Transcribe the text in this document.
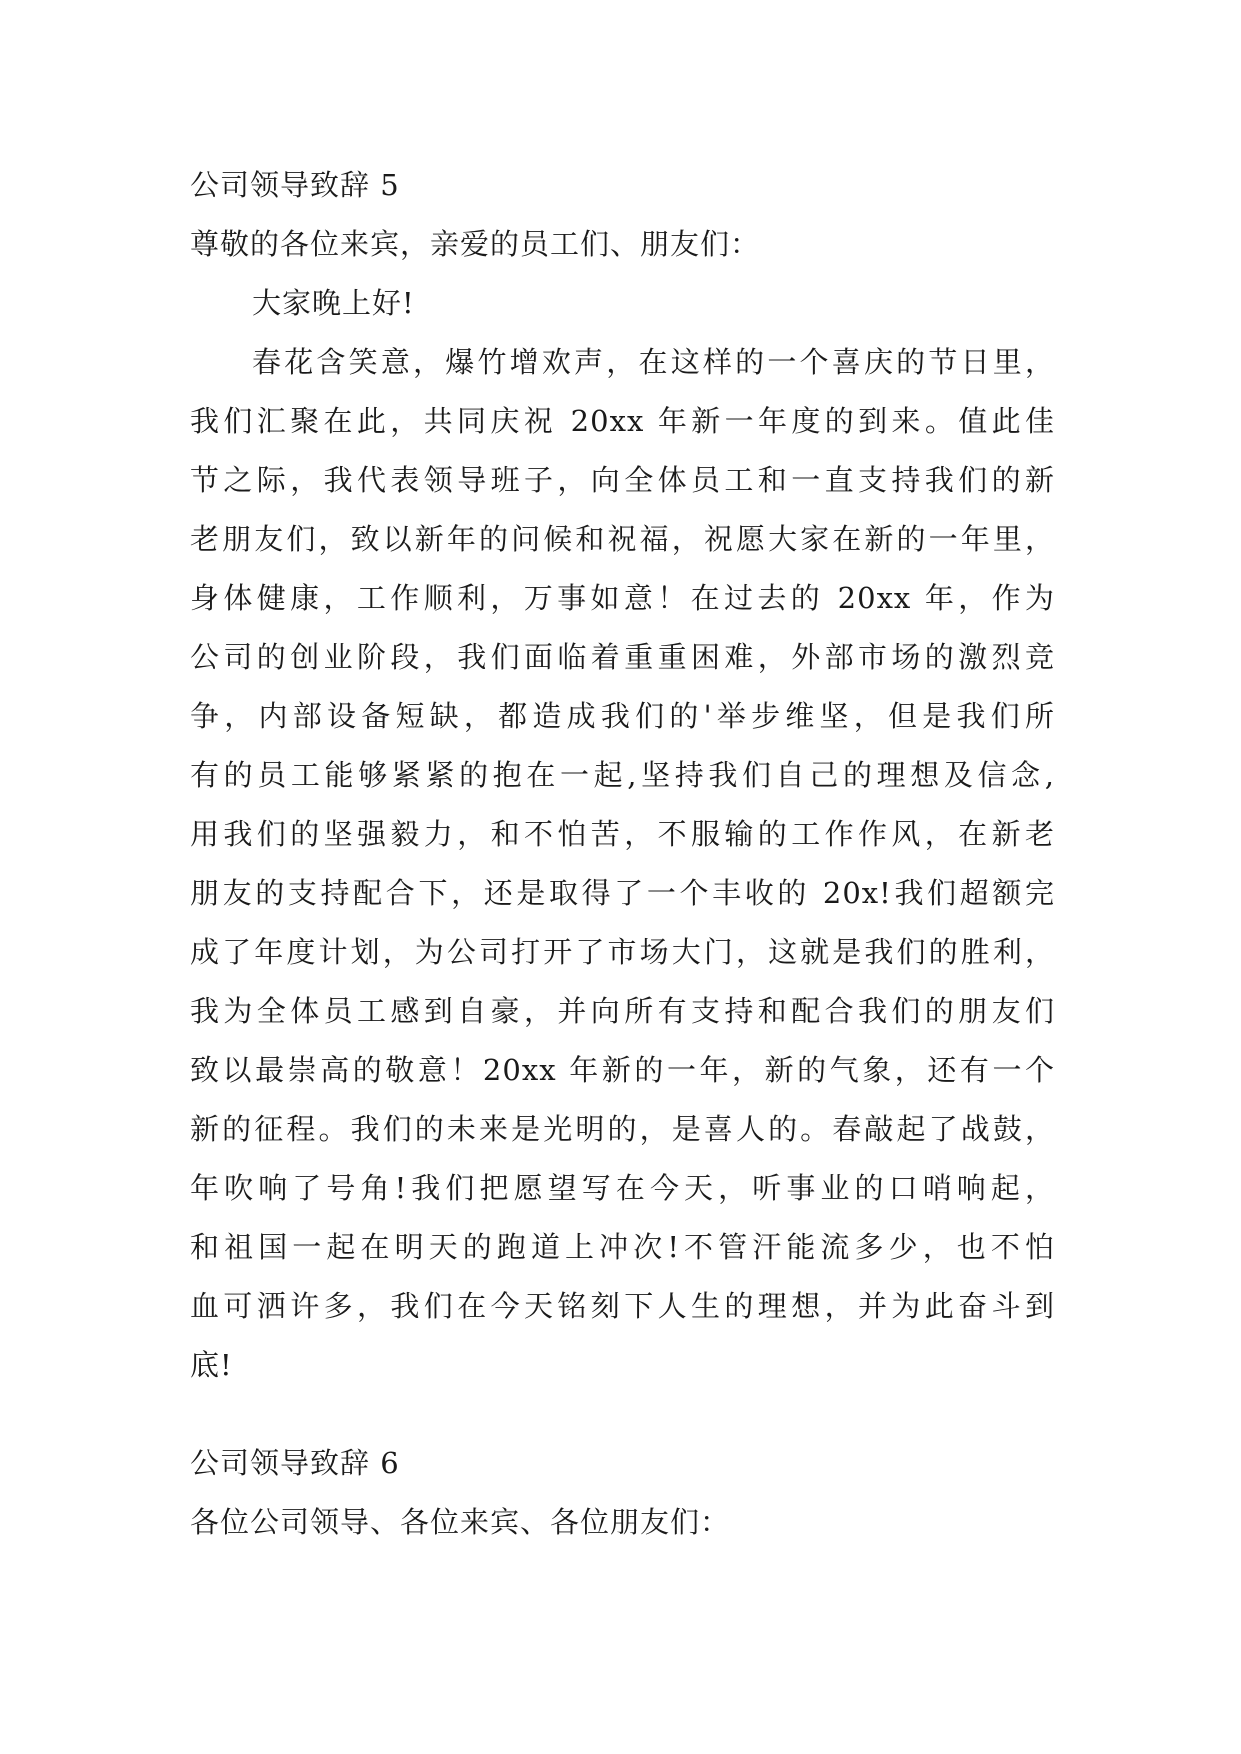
公司领导致辞 5
尊敬的各位来宾，亲爱的员工们、朋友们：
大家晚上好!
春花含笑意，爆竹增欢声，在这样的一个喜庆的节日里，
我们汇聚在此，共同庆祝 20xx 年新一年度的到来。值此佳
节之际，我代表领导班子，向全体员工和一直支持我们的新
老朋友们，致以新年的问候和祝福，祝愿大家在新的一年里，
身体健康，工作顺利，万事如意！在过去的 20xx 年，作为
公司的创业阶段，我们面临着重重困难，外部市场的激烈竞
争，内部设备短缺，都造成我们的'举步维坚，但是我们所
有的员工能够紧紧的抱在一起,坚持我们自己的理想及信念,
用我们的坚强毅力，和不怕苦，不服输的工作作风，在新老
朋友的支持配合下，还是取得了一个丰收的 20x!我们超额完
成了年度计划，为公司打开了市场大门，这就是我们的胜利，
我为全体员工感到自豪，并向所有支持和配合我们的朋友们
致以最崇高的敬意！20xx 年新的一年，新的气象，还有一个
新的征程。我们的未来是光明的，是喜人的。春敲起了战鼓，
年吹响了号角!我们把愿望写在今天，听事业的口哨响起，
和祖国一起在明天的跑道上冲次!不管汗能流多少，也不怕
血可洒许多，我们在今天铭刻下人生的理想，并为此奋斗到
底!
公司领导致辞 6
各位公司领导、各位来宾、各位朋友们：
